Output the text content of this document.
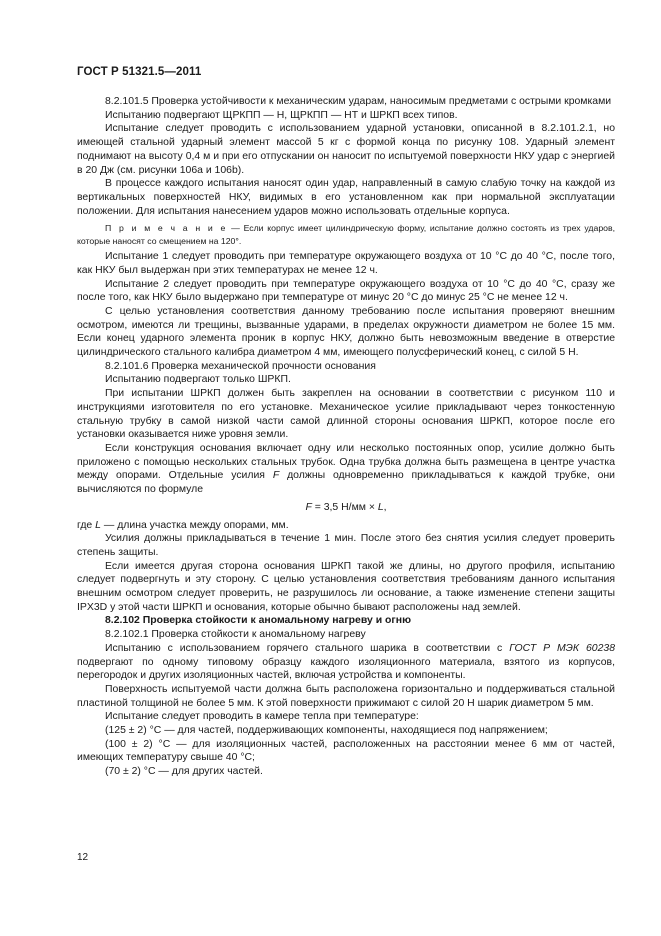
ГОСТ Р 51321.5—2011

8.2.101.5 Проверка устойчивости к механическим ударам, наносимым предметами с острыми кромками

Испытанию подвергают ЩРКПП — Н, ЩРКПП — НТ и ШРКП всех типов.

Испытание следует проводить с использованием ударной установки, описанной в 8.2.101.2.1, но имеющей стальной ударный элемент массой 5 кг с формой конца по рисунку 108. Ударный элемент поднимают на высоту 0,4 м и при его отпускании он наносит по испытуемой поверхности НКУ удар с энергией в 20 Дж (см. рисунки 106а и 106b).

В процессе каждого испытания наносят один удар, направленный в самую слабую точку на каждой из вертикальных поверхностей НКУ, видимых в его установленном как при нормальной эксплуатации положении. Для испытания нанесением ударов можно использовать отдельные корпуса.

П р и м е ч а н и е — Если корпус имеет цилиндрическую форму, испытание должно состоять из трех ударов, которые наносят со смещением на 120°.

Испытание 1 следует проводить при температуре окружающего воздуха от 10 °С до 40 °С, после того, как НКУ был выдержан при этих температурах не менее 12 ч.

Испытание 2 следует проводить при температуре окружающего воздуха от 10 °С до 40 °С, сразу же после того, как НКУ было выдержано при температуре от минус 20 °С до минус 25 °С не менее 12 ч.

С целью установления соответствия данному требованию после испытания проверяют внешним осмотром, имеются ли трещины, вызванные ударами, в пределах окружности диаметром не более 15 мм. Если конец ударного элемента проник в корпус НКУ, должно быть невозможным введение в отверстие цилиндрического стального калибра диаметром 4 мм, имеющего полусферический конец, с силой 5 Н.

8.2.101.6 Проверка механической прочности основания

Испытанию подвергают только ШРКП.

При испытании ШРКП должен быть закреплен на основании в соответствии с рисунком 110 и инструкциями изготовителя по его установке. Механическое усилие прикладывают через тонкостенную стальную трубку в самой низкой части самой длинной стороны основания ШРКП, которое после его установки оказывается ниже уровня земли.

Если конструкция основания включает одну или несколько постоянных опор, усилие должно быть приложено с помощью нескольких стальных трубок. Одна трубка должна быть размещена в центре участка между опорами. Отдельные усилия F должны одновременно прикладываться к каждой трубке, они вычисляются по формуле

F = 3,5 Н/мм × L,

где L — длина участка между опорами, мм.

Усилия должны прикладываться в течение 1 мин. После этого без снятия усилия следует проверить степень защиты.

Если имеется другая сторона основания ШРКП такой же длины, но другого профиля, испытанию следует подвергнуть и эту сторону. С целью установления соответствия требованиям данного испытания внешним осмотром следует проверить, не разрушилось ли основание, а также изменение степени защиты IPX3D у этой части ШРКП и основания, которые обычно бывают расположены над землей.

8.2.102 Проверка стойкости к аномальному нагреву и огню

8.2.102.1 Проверка стойкости к аномальному нагреву

Испытанию с использованием горячего стального шарика в соответствии с ГОСТ Р МЭК 60238 подвергают по одному типовому образцу каждого изоляционного материала, взятого из корпусов, перегородок и других изоляционных частей, включая устройства и компоненты.

Поверхность испытуемой части должна быть расположена горизонтально и поддерживаться стальной пластиной толщиной не более 5 мм. К этой поверхности прижимают с силой 20 Н шарик диаметром 5 мм.

Испытание следует проводить в камере тепла при температуре:

(125 ± 2) °С — для частей, поддерживающих компоненты, находящиеся под напряжением;

(100 ± 2) °С — для изоляционных частей, расположенных на расстоянии менее 6 мм от частей, имеющих температуру свыше 40 °С;

(70 ± 2) °С — для других частей.

12
